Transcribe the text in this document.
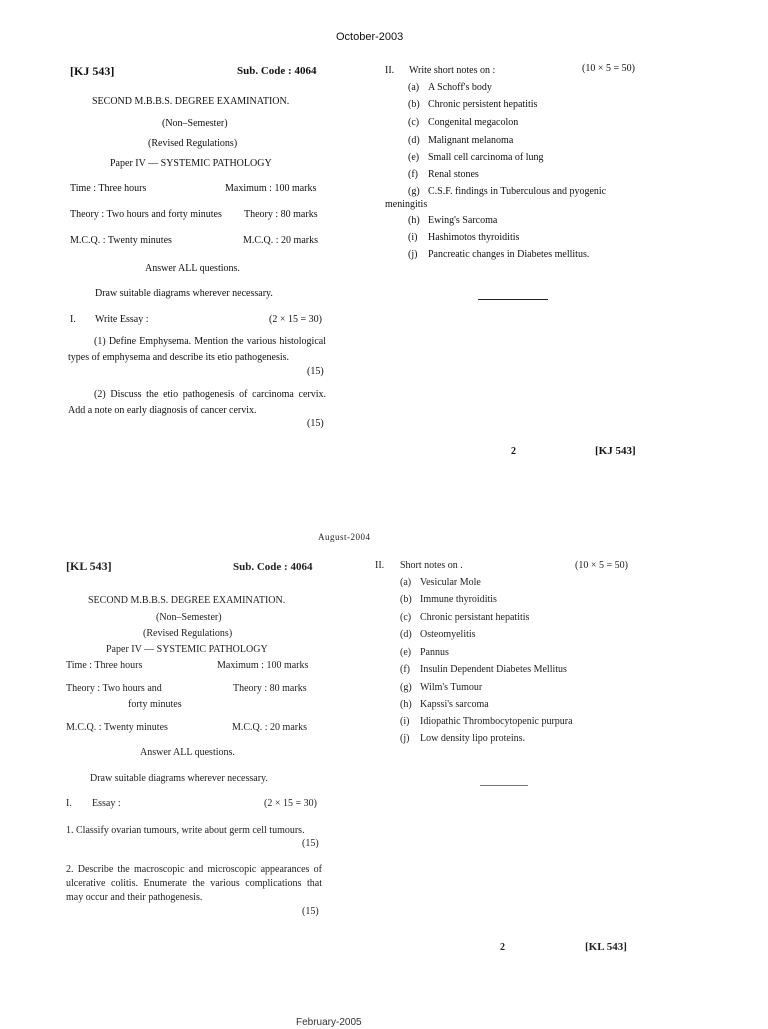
October-2003
[KJ 543]	Sub. Code : 4064
SECOND M.B.B.S. DEGREE EXAMINATION.
(Non–Semester)
(Revised Regulations)
Paper IV — SYSTEMIC PATHOLOGY
Time : Three hours	Maximum : 100 marks
Theory : Two hours and forty minutes Theory : 80 marks
M.C.Q. : Twenty minutes	M.C.Q. : 20 marks
Answer ALL questions.
Draw suitable diagrams wherever necessary.
I. Write Essay :	(2 × 15 = 30)
(1) Define Emphysema. Mention the various histological types of emphysema and describe its etio pathogenesis.
(15)
(2) Discuss the etio pathogenesis of carcinoma cervix. Add a note on early diagnosis of cancer cervix.
(15)
II. Write short notes on :	(10 × 5 = 50)
(a) A Schoff's body
(b) Chronic persistent hepatitis
(c) Congenital megacolon
(d) Malignant melanoma
(e) Small cell carcinoma of lung
(f) Renal stones
(g) C.S.F. findings in Tuberculous and pyogenic
meningitis
(h) Ewing's Sarcoma
(i) Hashimotos thyroiditis
(j) Pancreatic changes in Diabetes mellitus.
2	[KJ 543]
August-2004
[KL 543]	Sub. Code : 4064
SECOND M.B.B.S. DEGREE EXAMINATION.
(Non–Semester)
(Revised Regulations)
Paper IV — SYSTEMIC PATHOLOGY
Time : Three hours	Maximum : 100 marks
Theory : Two hours and
forty minutes
Theory : 80 marks
M.C.Q. : Twenty minutes	M.C.Q. : 20 marks
Answer ALL questions.
Draw suitable diagrams wherever necessary.
I. Essay :	(2 × 15 = 30)
1. Classify ovarian tumours, write about germ cell tumours.
(15)
2. Describe the macroscopic and microscopic appearances of ulcerative colitis. Enumerate the various complications that may occur and their pathogenesis.
(15)
II. Short notes on .	(10 × 5 = 50)
(a) Vesicular Mole
(b) Immune thyroiditis
(c) Chronic persistant hepatitis
(d) Osteomyelitis
(e) Pannus
(f) Insulin Dependent Diabetes Mellitus
(g) Wilm's Tumour
(h) Kapssi's sarcoma
(i) Idiopathic Thrombocytopenic purpura
(j) Low density lipo proteins.
2	[KL 543]
February-2005
